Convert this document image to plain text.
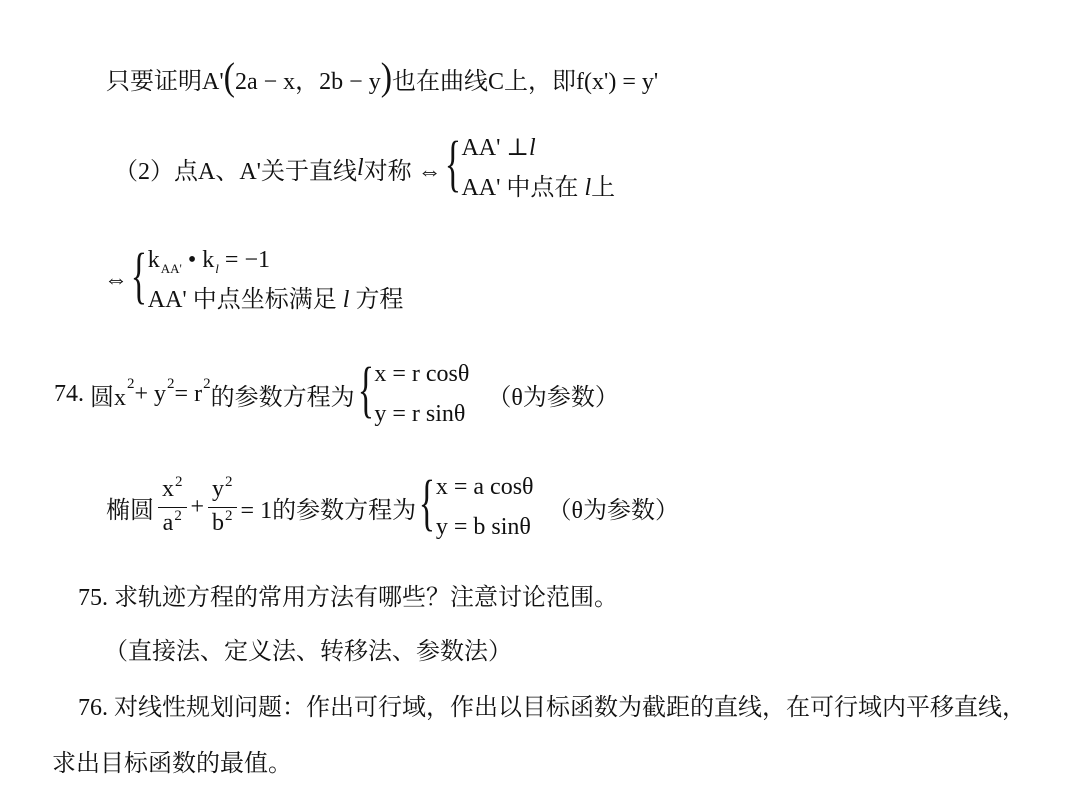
只要证明A' ( 2a − x，2b − y ) 也在曲线C上，即f(x') = y'
（2）点A、A'关于直线 l 对称 ⇔ { AA' ⊥l
AA' 中点在 l上
⇔ { $k_{AA'}$ • $k_l = -1$
AA' 中点坐标满足 l 方程
74. 圆x
2 + y 2 = r 2
的参数方程为 { x = r cosθ
y = r sinθ
（θ为参数）
椭圆 $\frac{x^2}{a^2} + \frac{y^2}{b^2} = 1$的参数方程为 { x = a cosθ
y = b sinθ
（θ为参数）
75. 求轨迹方程的常用方法有哪些？注意讨论范围。
（直接法、定义法、转移法、参数法）
76. 对线性规划问题：作出可行域，作出以目标函数为截距的直线，在可行域内平移直线，
求出目标函数的最值。
